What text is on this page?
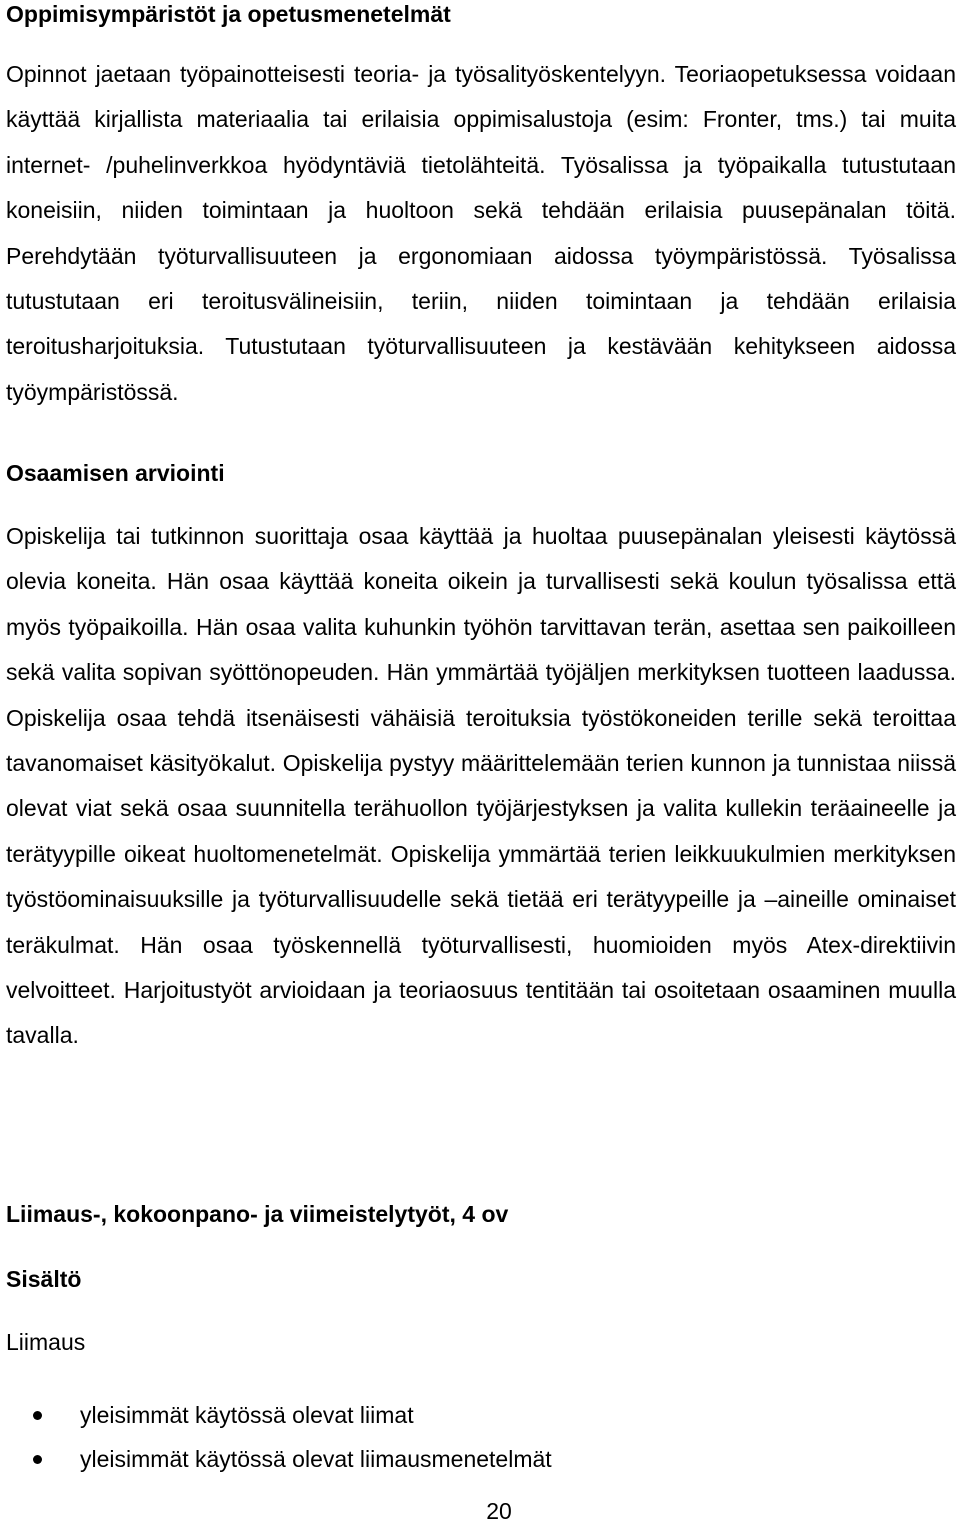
Oppimisympäristöt ja opetusmenetelmät

Opinnot jaetaan työpainotteisesti teoria- ja työsalityöskentelyyn. Teoriaopetuksessa voidaan käyttää kirjallista materiaalia tai erilaisia oppimisalustoja (esim: Fronter, tms.) tai muita internet- /puhelinverkkoa hyödyntäviä tietolähteitä. Työsalissa ja työpaikalla tutustutaan koneisiin, niiden toimintaan ja huoltoon sekä tehdään erilaisia puusepänalan töitä. Perehdytään työturvallisuuteen ja ergonomiaan aidossa työympäristössä. Työsalissa tutustutaan eri teroitusvälineisiin, teriin, niiden toimintaan ja tehdään erilaisia teroitusharjoituksia. Tutustutaan työturvallisuuteen ja kestävään kehitykseen aidossa työympäristössä.

Osaamisen arviointi

Opiskelija tai tutkinnon suorittaja osaa käyttää ja huoltaa puusepänalan yleisesti käytössä olevia koneita. Hän osaa käyttää koneita oikein ja turvallisesti sekä koulun työsalissa että myös työpaikoilla. Hän osaa valita kuhunkin työhön tarvittavan terän, asettaa sen paikoilleen sekä valita sopivan syöttönopeuden. Hän ymmärtää työjäljen merkityksen tuotteen laadussa. Opiskelija osaa tehdä itsenäisesti vähäisiä teroituksia työstökoneiden terille sekä teroittaa tavanomaiset käsityökalut. Opiskelija pystyy määrittelemään terien kunnon ja tunnistaa niissä olevat viat sekä osaa suunnitella terähuollon työjärjestyksen ja valita kullekin teräaineelle ja terätyypille oikeat huoltomenetelmät. Opiskelija ymmärtää terien leikkuukulmien merkityksen työstöominaisuuksille ja työturvallisuudelle sekä tietää eri terätyypeille ja –aineille ominaiset teräkulmat. Hän osaa työskennellä työturvallisesti, huomioiden myös Atex-direktiivin velvoitteet. Harjoitustyöt arvioidaan ja teoriaosuus tentitään tai osoitetaan osaaminen muulla tavalla.

Liimaus-, kokoonpano- ja viimeistelytyöt, 4 ov
Sisältö
Liimaus
yleisimmät käytössä olevat liimat
yleisimmät käytössä olevat liimausmenetelmät
20
